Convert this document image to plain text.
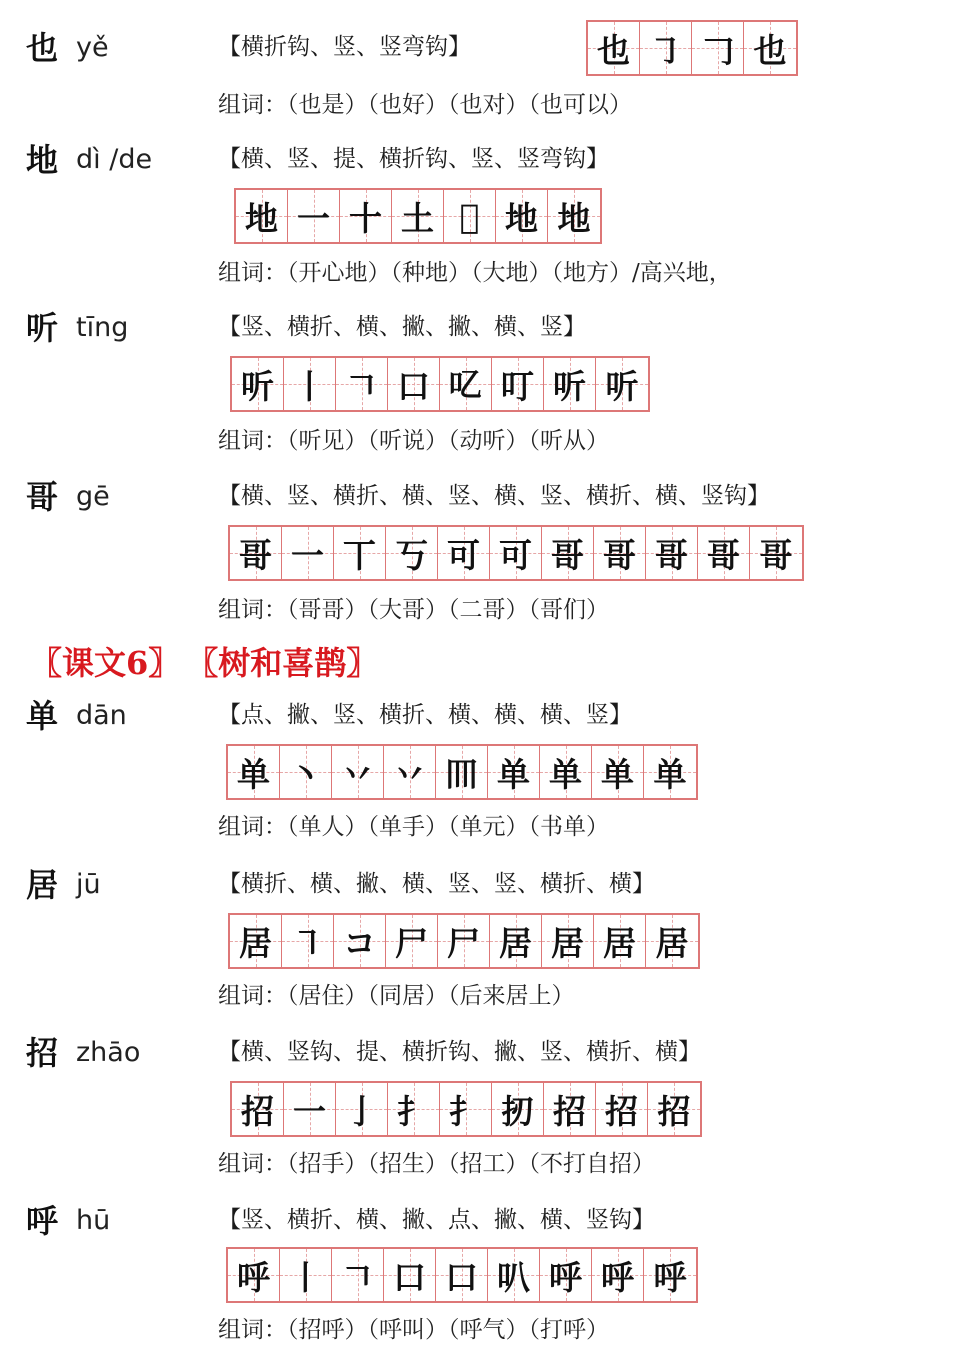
也 yě	【横折钩、竖、竖弯钩】	也 ㇆ 𠃌 也
组词：（也是）（也好）（也对）（也可以）
地 dì /de	【横、竖、提、横折钩、竖、竖弯钩】
地 一 十 土 𡉀 地 地
组词：（开心地）（种地）（大地）（地方）/高兴地，
听 tīng	【竖、横折、横、撇、撇、横、竖】
听 丨 𠃍 口 𠮙 叮 听 听
组词：（听见）（听说）（动听）（听从）
哥 gē	【横、竖、横折、横、竖、横、竖、横折、横、竖钩】
哥 一 丅 丂 可 可 哥 哥 哥 哥 哥
组词：（哥哥）（大哥）（二哥）（哥们）
〖课文6〗 〖树和喜鹊〗
单 dān	【点、撇、竖、横折、横、横、横、竖】
单 丶 丷 丷 𦉫 单 单 单 单
组词：（单人）（单手）（单元）（书单）
居 jū	【横折、横、撇、横、竖、竖、横折、横】
居 ㇕ コ 尸 尸 居 居 居 居
组词：（居住）（同居）（后来居上）
招 zhāo	【横、竖钩、提、横折钩、撇、竖、横折、横】
招 一 亅 扌 扌 扨 招 招 招
组词：（招手）（招生）（招工）（不打自招）
呼 hū	【竖、横折、横、撇、点、撇、横、竖钩】
呼 丨 𠃍 口 口 叭 呼 呼 呼
组词：（招呼）（呼叫）（呼气）（打呼）
